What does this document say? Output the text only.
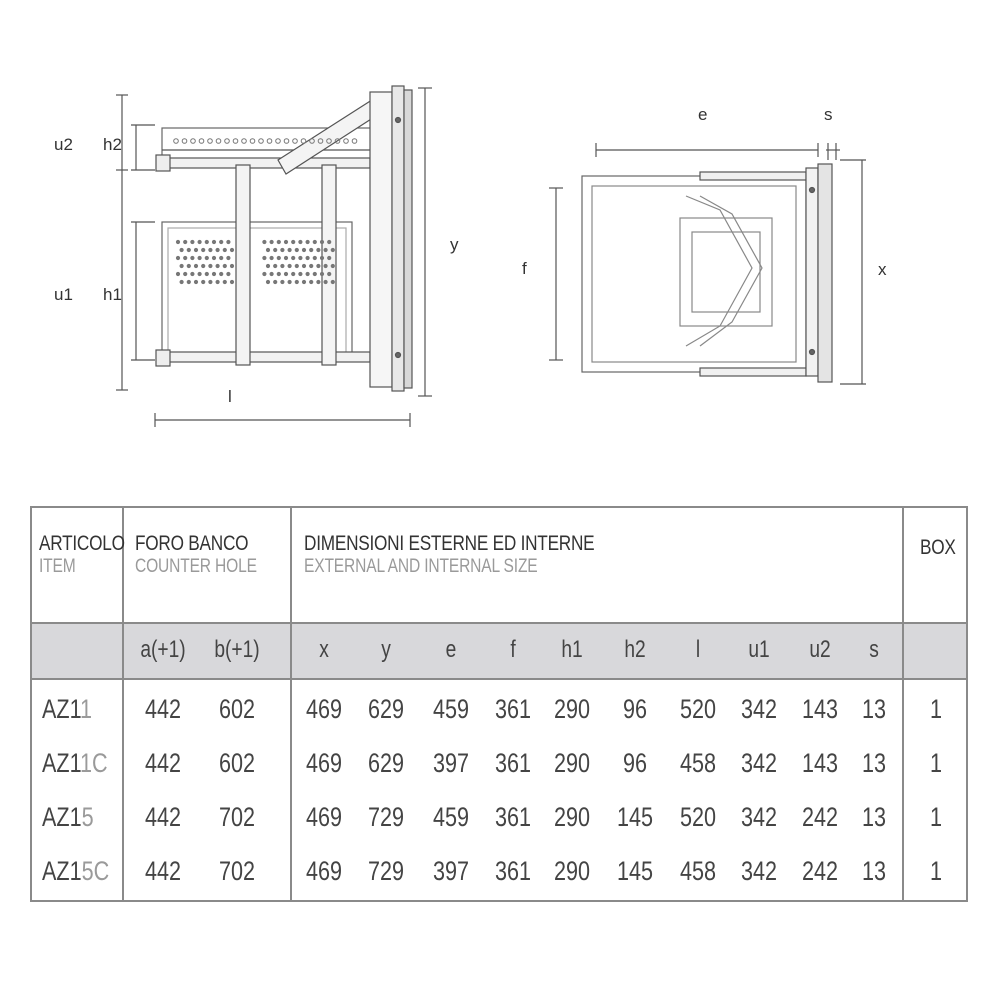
u2 h2
u1 h1
l
y
e	s
f	x
ARTICOLO
ITEM
FORO BANCO
COUNTER HOLE
DIMENSIONI ESTERNE ED INTERNE
EXTERNAL AND INTERNAL SIZE
BOX
a(+1)	b(+1)	x	y	e	f	h1	h2	l	u1	u2	s
AZ11	442	602	469 629	459 361 290	96	520 342 143 13	1
AZ11C	442	602	469 629	397 361 290	96	458 342 143 13	1
AZ15	442	702	469 729	459 361 290 145 520 342 242 13	1
AZ15C	442	702	469 729	397 361 290 145 458 342 242 13	1
